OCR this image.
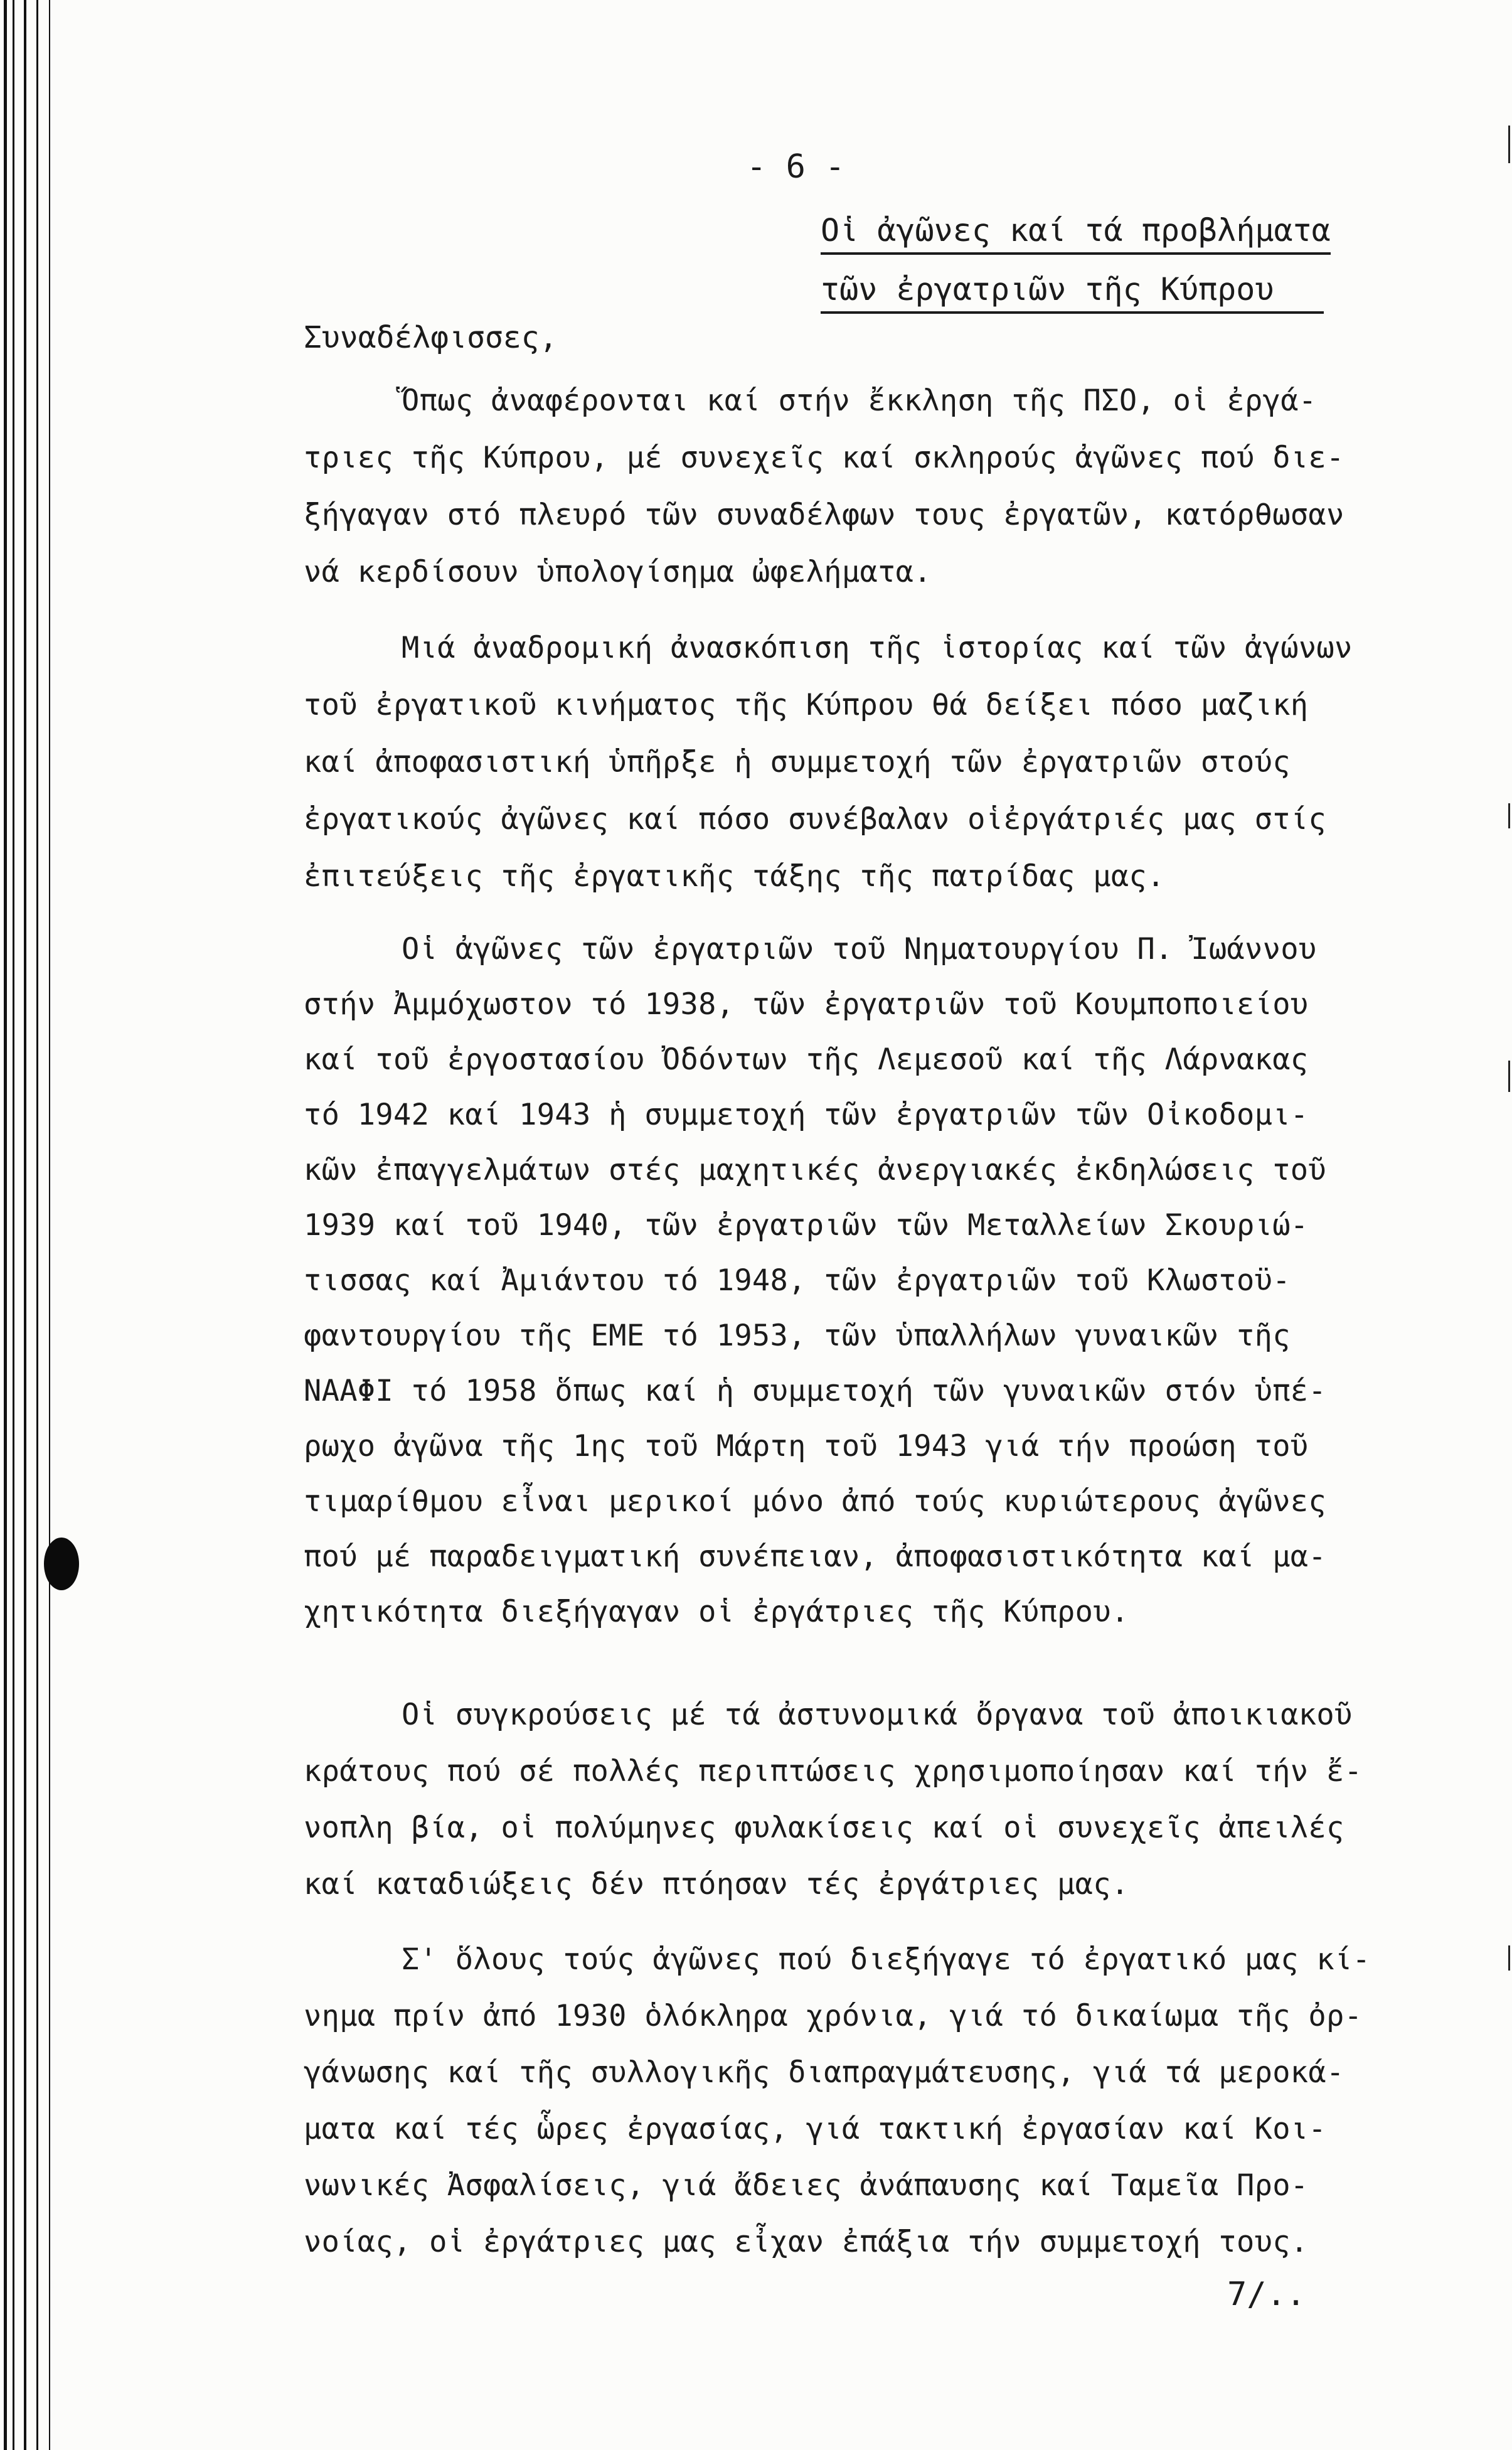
- 6 -
Οἱ ἀγῶνες καί τά προβλήματα
τῶν ἐργατριῶν τῆς Κύπρου
Συναδέλφισσες,
Ὅπως ἀναφέρονται καί στήν ἔκκληση τῆς ΠΣΟ, οἱ ἐργά-
τριες τῆς Κύπρου, μέ συνεχεῖς καί σκληρούς ἀγῶνες πού διε-
ξήγαγαν στό πλευρό τῶν συναδέλφων τους ἐργατῶν, κατόρθωσαν
νά κερδίσουν ὑπολογίσημα ὠφελήματα.
Μιά ἀναδρομική ἀνασκόπιση τῆς ἱστορίας καί τῶν ἀγώνων
τοῦ ἐργατικοῦ κινήματος τῆς Κύπρου θά δείξει πόσο μαζική
καί ἀποφασιστική ὑπῆρξε ἡ συμμετοχή τῶν ἐργατριῶν στούς
ἐργατικούς ἀγῶνες καί πόσο συνέβαλαν οἱἐργάτριές μας στίς
ἐπιτεύξεις τῆς ἐργατικῆς τάξης τῆς πατρίδας μας.
Οἱ ἀγῶνες τῶν ἐργατριῶν τοῦ Νηματουργίου Π. Ἰωάννου
στήν Ἀμμόχωστον τό 1938, τῶν ἐργατριῶν τοῦ Κουμποποιείου
καί τοῦ ἐργοστασίου Ὀδόντων τῆς Λεμεσοῦ καί τῆς Λάρνακας
τό 1942 καί 1943 ἡ συμμετοχή τῶν ἐργατριῶν τῶν Οἰκοδομι-
κῶν ἐπαγγελμάτων στές μαχητικές ἀνεργιακές ἐκδηλώσεις τοῦ
1939 καί τοῦ 1940, τῶν ἐργατριῶν τῶν Μεταλλείων Σκουριώ-
τισσας καί Ἀμιάντου τό 1948, τῶν ἐργατριῶν τοῦ Κλωστοϋ-
φαντουργίου τῆς ΕΜΕ τό 1953, τῶν ὑπαλλήλων γυναικῶν τῆς
ΝΑΑΦΙ τό 1958 ὅπως καί ἡ συμμετοχή τῶν γυναικῶν στόν ὑπέ-
ρωχο ἀγῶνα τῆς 1ης τοῦ Μάρτη τοῦ 1943 γιά τήν προώση τοῦ
τιμαρίθμου εἶναι μερικοί μόνο ἀπό τούς κυριώτερους ἀγῶνες
πού μέ παραδειγματική συνέπειαν, ἀποφασιστικότητα καί μα-
χητικότητα διεξήγαγαν οἱ ἐργάτριες τῆς Κύπρου.
Οἱ συγκρούσεις μέ τά ἀστυνομικά ὄργανα τοῦ ἀποικιακοῦ
κράτους πού σέ πολλές περιπτώσεις χρησιμοποίησαν καί τήν ἔ-
νοπλη βία, οἱ πολύμηνες φυλακίσεις καί οἱ συνεχεῖς ἀπειλές
καί καταδιώξεις δέν πτόησαν τές ἐργάτριες μας.
Σ' ὅλους τούς ἀγῶνες πού διεξήγαγε τό ἐργατικό μας κί-
νημα πρίν ἀπό 1930 ὁλόκληρα χρόνια, γιά τό δικαίωμα τῆς ὀρ-
γάνωσης καί τῆς συλλογικῆς διαπραγμάτευσης, γιά τά μεροκά-
ματα καί τές ὧρες ἐργασίας, γιά τακτική ἐργασίαν καί Κοι-
νωνικές Ἀσφαλίσεις, γιά ἄδειες ἀνάπαυσης καί Ταμεῖα Προ-
νοίας, οἱ ἐργάτριες μας εἶχαν ἐπάξια τήν συμμετοχή τους.
7/..
